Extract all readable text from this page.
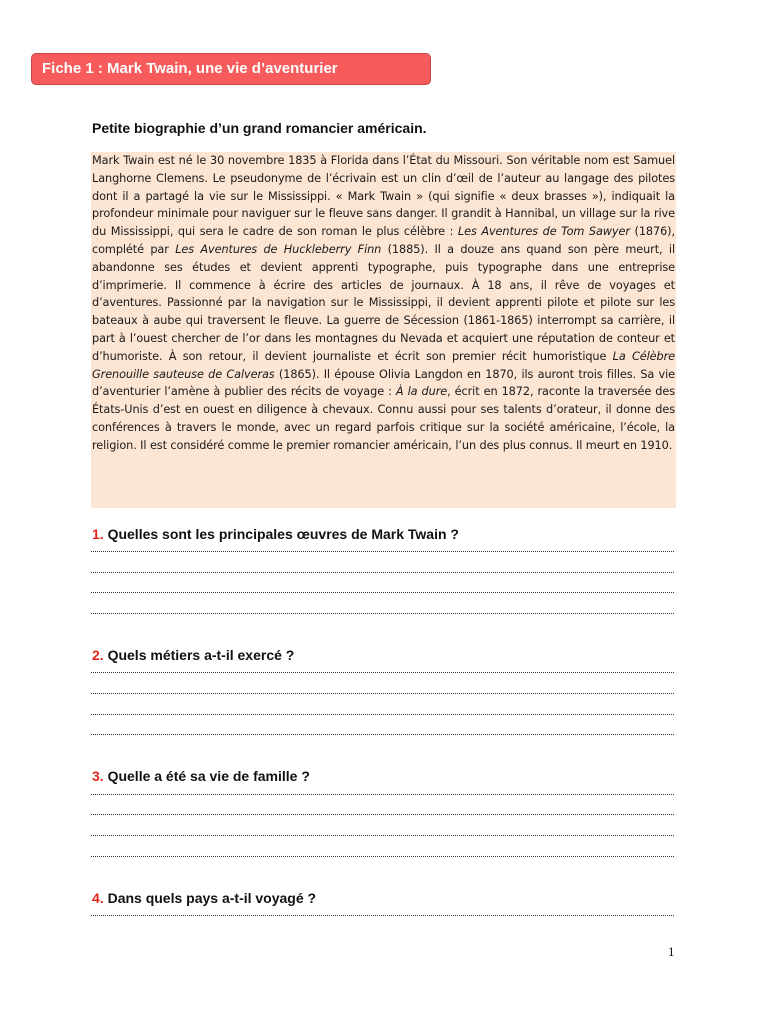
Fiche 1 : Mark Twain, une vie d’aventurier
Petite biographie d’un grand romancier américain.
Mark Twain est né le 30 novembre 1835 à Florida dans l’État du Missouri. Son véritable nom est Samuel Langhorne Clemens. Le pseudonyme de l’écrivain est un clin d’œil de l’auteur au langage des pilotes dont il a partagé la vie sur le Mississippi. « Mark Twain » (qui signifie « deux brasses »), indiquait la profondeur minimale pour naviguer sur le fleuve sans danger. Il grandit à Hannibal, un village sur la rive du Mississippi, qui sera le cadre de son roman le plus célèbre : Les Aventures de Tom Sawyer (1876), complété par Les Aventures de Huckleberry Finn (1885). Il a douze ans quand son père meurt, il abandonne ses études et devient apprenti typographe, puis typographe dans une entreprise d’imprimerie. Il commence à écrire des articles de journaux. À 18 ans, il rêve de voyages et d’aventures. Passionné par la navigation sur le Mississippi, il devient apprenti pilote et pilote sur les bateaux à aube qui traversent le fleuve. La guerre de Sécession (1861-1865) interrompt sa carrière, il part à l’ouest chercher de l’or dans les montagnes du Nevada et acquiert une réputation de conteur et d’humoriste. À son retour, il devient journaliste et écrit son premier récit humoristique La Célèbre Grenouille sauteuse de Calveras (1865). Il épouse Olivia Langdon en 1870, ils auront trois filles. Sa vie d’aventurier l’amène à publier des récits de voyage : À la dure, écrit en 1872, raconte la traversée des États-Unis d’est en ouest en diligence à chevaux. Connu aussi pour ses talents d’orateur, il donne des conférences à travers le monde, avec un regard parfois critique sur la société américaine, l’école, la religion. Il est considéré comme le premier romancier américain, l’un des plus connus. Il meurt en 1910.
1. Quelles sont les principales œuvres de Mark Twain ?
2. Quels métiers a-t-il exercé ?
3. Quelle a été sa vie de famille ?
4. Dans quels pays a-t-il voyagé ?
1
